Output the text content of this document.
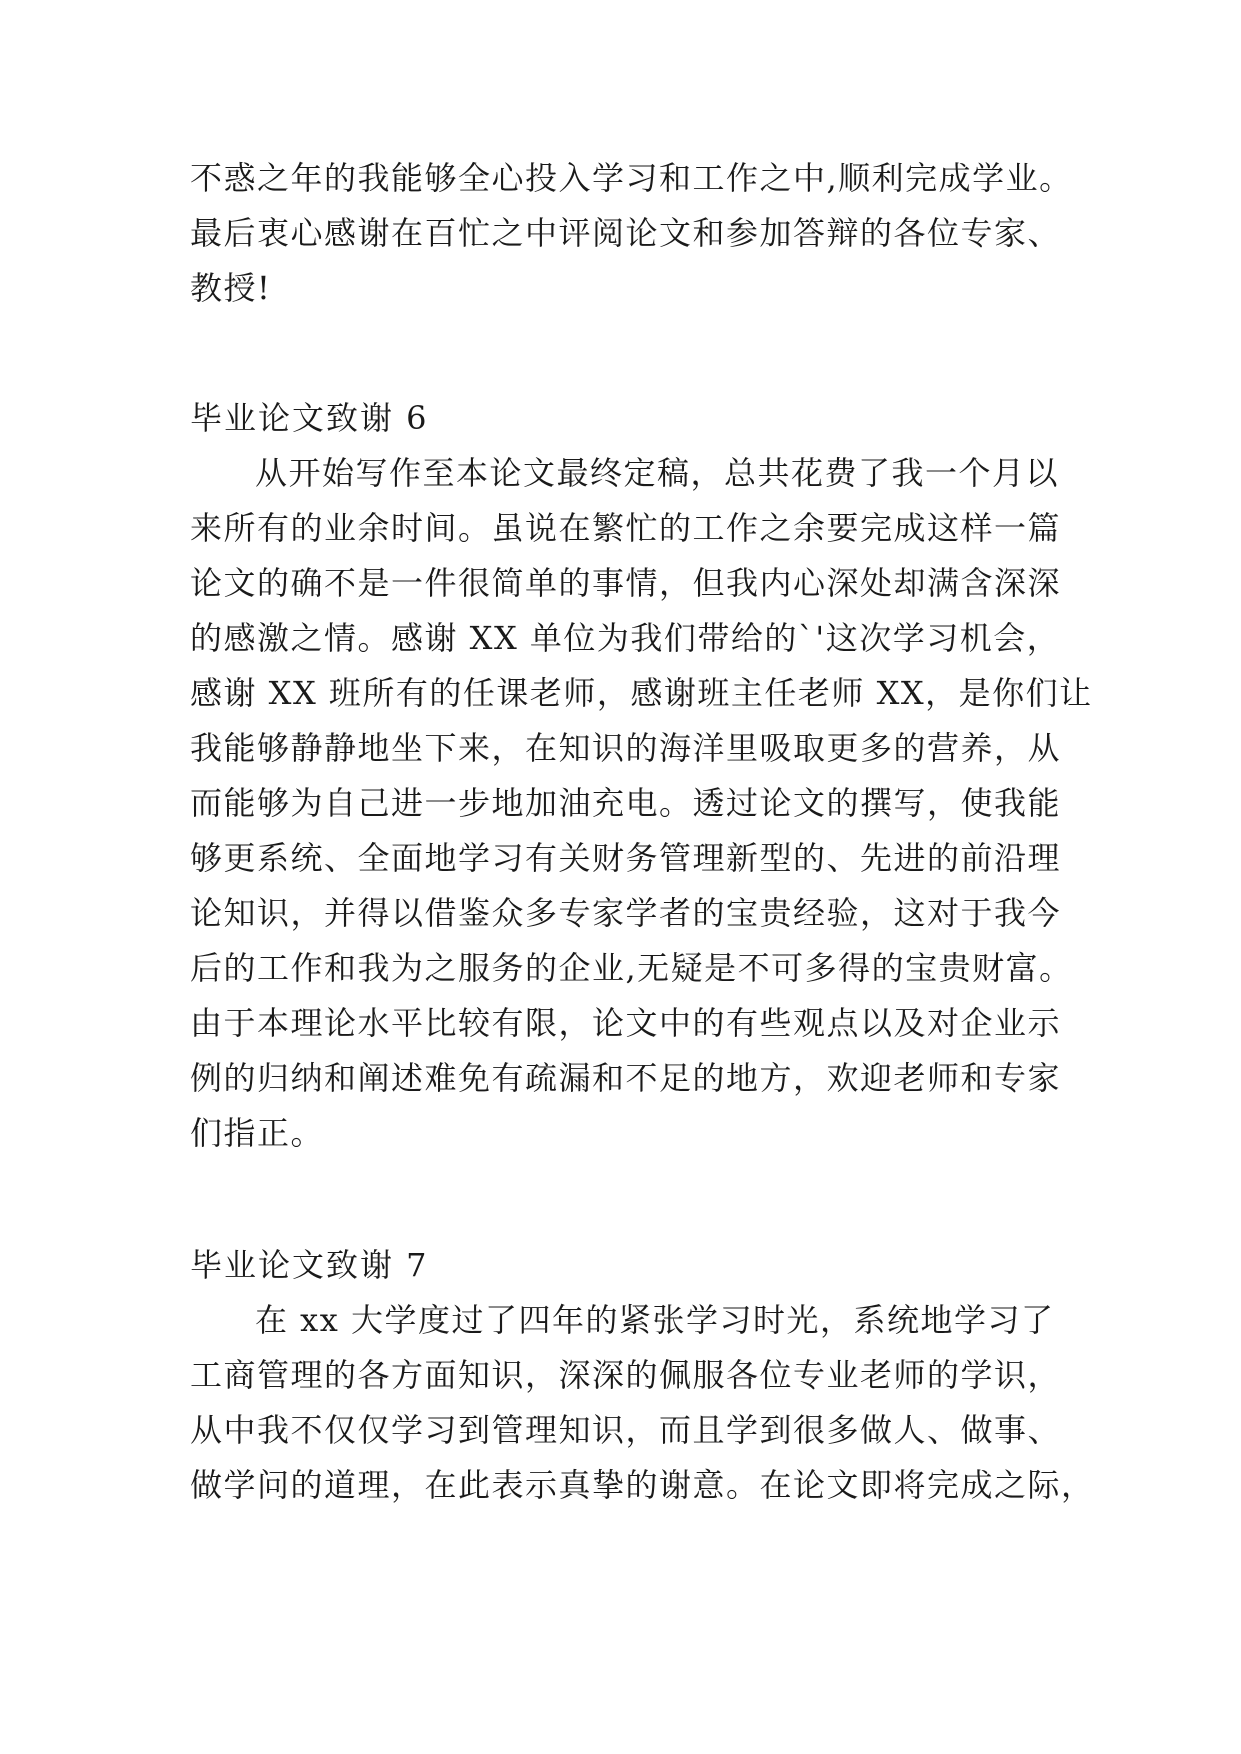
不惑之年的我能够全心投入学习和工作之中,顺利完成学业。
最后衷心感谢在百忙之中评阅论文和参加答辩的各位专家、
教授!
毕业论文致谢 6
从开始写作至本论文最终定稿，总共花费了我一个月以
来所有的业余时间。虽说在繁忙的工作之余要完成这样一篇
论文的确不是一件很简单的事情，但我内心深处却满含深深
的感激之情。感谢 XX 单位为我们带给的`'这次学习机会，
感谢 XX 班所有的任课老师，感谢班主任老师 XX，是你们让
我能够静静地坐下来，在知识的海洋里吸取更多的营养，从
而能够为自己进一步地加油充电。透过论文的撰写，使我能
够更系统、全面地学习有关财务管理新型的、先进的前沿理
论知识，并得以借鉴众多专家学者的宝贵经验，这对于我今
后的工作和我为之服务的企业,无疑是不可多得的宝贵财富。
由于本理论水平比较有限，论文中的有些观点以及对企业示
例的归纳和阐述难免有疏漏和不足的地方，欢迎老师和专家
们指正。
毕业论文致谢 7
在 xx 大学度过了四年的紧张学习时光，系统地学习了
工商管理的各方面知识，深深的佩服各位专业老师的学识，
从中我不仅仅学习到管理知识，而且学到很多做人、做事、
做学问的道理，在此表示真挚的谢意。在论文即将完成之际，
